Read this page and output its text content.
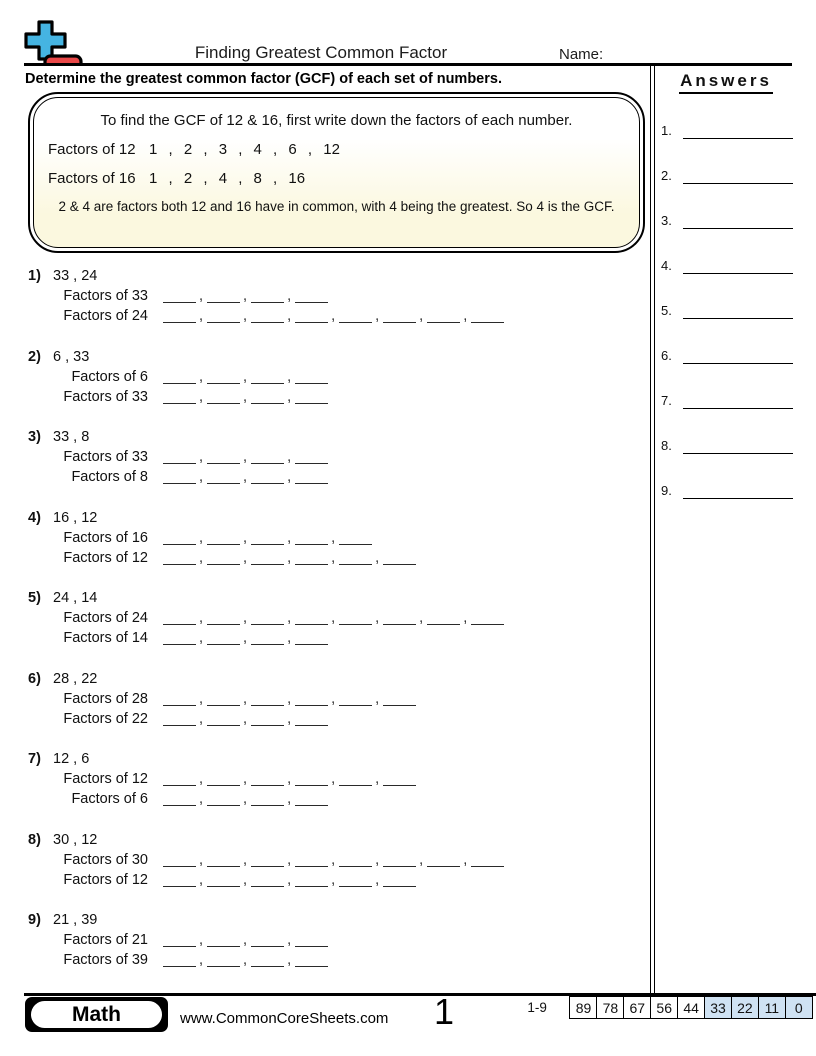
Finding Greatest Common Factor	Name:
Determine the greatest common factor (GCF) of each set of numbers.
To find the GCF of 12 & 16, first write down the factors of each number.
Factors of 12 1 , 2 , 3 , 4 , 6 , 12
Factors of 16 1 , 2 , 4 , 8 , 16
2 & 4 are factors both 12 and 16 have in common, with 4 being the greatest. So 4 is the GCF.
1) 33 , 24
Factors of 33	,	,	,
Factors of 24	,	,	,	,	,	,	,
2) 6 , 33
Factors of 6	,	,	,
Factors of 33	,	,	,
3) 33 , 8
Factors of 33	,	,	,
Factors of 8	,	,	,
4) 16 , 12
Factors of 16	,	,	,	,
Factors of 12	,	,	,	,	,
5) 24 , 14
Factors of 24	,	,	,	,	,	,	,
Factors of 14	,	,	,
6) 28 , 22
Factors of 28	,	,	,	,	,
Factors of 22	,	,	,
7) 12 , 6
Factors of 12	,	,	,	,	,
Factors of 6	,	,	,
8) 30 , 12
Factors of 30	,	,	,	,	,	,	,
Factors of 12	,	,	,	,	,
9) 21 , 39
Factors of 21	,	,	,
Factors of 39	,	,	,
Answers
1.
2.
3.
4.
5.
6.
7.
8.
9.
Math	www.CommonCoreSheets.com	1	1-9	89 78 67 56 44 33 22 11	0
